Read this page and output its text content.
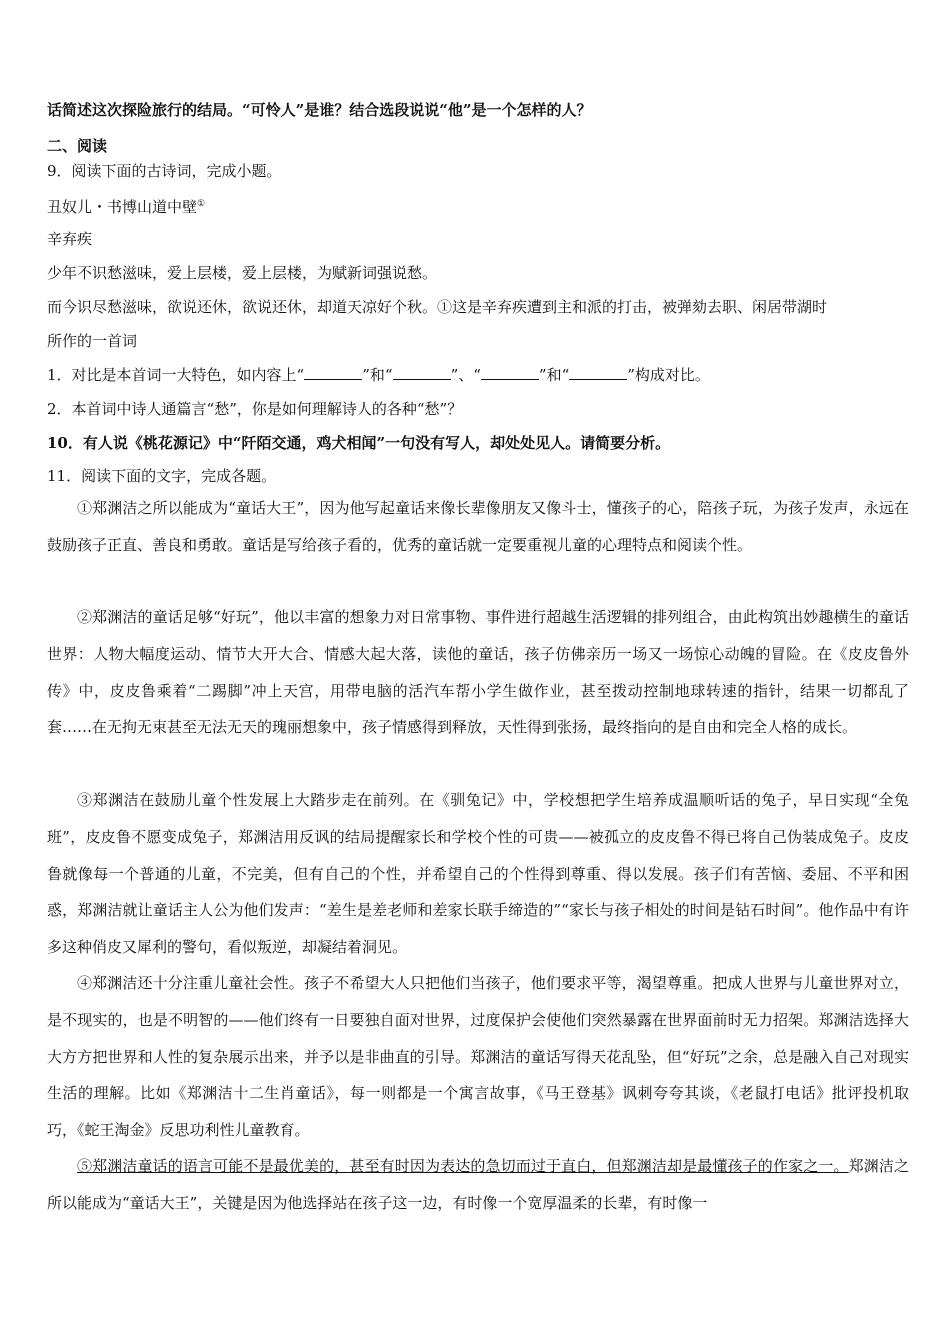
话简述这次探险旅行的结局。“可怜人”是谁？结合选段说说“他”是一个怎样的人？
二、阅读
9．阅读下面的古诗词，完成小题。
丑奴儿・书博山道中壁①
辛弃疾
少年不识愁滋味，爱上层楼，爱上层楼，为赋新词强说愁。
而今识尽愁滋味，欲说还休，欲说还休，却道天凉好个秋。①这是辛弃疾遭到主和派的打击，被弹劾去职、闲居带湖时
所作的一首词
1．对比是本首词一大特色，如内容上“	”和“	”、“	”和“	”构成对比。
2．本首词中诗人通篇言“愁”，你是如何理解诗人的各种“愁”？
10．有人说《桃花源记》中“阡陌交通，鸡犬相闻”一句没有写人，却处处见人。请简要分析。
11．阅读下面的文字，完成各题。
①郑渊洁之所以能成为“童话大王”，因为他写起童话来像长辈像朋友又像斗士，懂孩子的心，陪孩子玩，为孩子发声，永远在鼓励孩子正直、善良和勇敢。童话是写给孩子看的，优秀的童话就一定要重视儿童的心理特点和阅读个性。
②郑渊洁的童话足够“好玩”，他以丰富的想象力对日常事物、事件进行超越生活逻辑的排列组合，由此构筑出妙趣横生的童话世界：人物大幅度运动、情节大开大合、情感大起大落，读他的童话，孩子仿佛亲历一场又一场惊心动魄的冒险。在《皮皮鲁外传》中，皮皮鲁乘着“二踢脚”冲上天宫，用带电脑的活汽车帮小学生做作业，甚至拨动控制地球转速的指针，结果一切都乱了套……在无拘无束甚至无法无天的瑰丽想象中，孩子情感得到释放，天性得到张扬，最终指向的是自由和完全人格的成长。
③郑渊洁在鼓励儿童个性发展上大踏步走在前列。在《驯兔记》中，学校想把学生培养成温顺听话的兔子，早日实现“全兔班”，皮皮鲁不愿变成兔子，郑渊洁用反讽的结局提醒家长和学校个性的可贵——被孤立的皮皮鲁不得已将自己伪装成兔子。皮皮鲁就像每一个普通的儿童，不完美，但有自己的个性，并希望自己的个性得到尊重、得以发展。孩子们有苦恼、委屈、不平和困惑，郑渊洁就让童话主人公为他们发声：“差生是差老师和差家长联手缔造的”“家长与孩子相处的时间是钻石时间”。他作品中有许多这种俏皮又犀利的警句，看似叛逆，却凝结着洞见。
④郑渊洁还十分注重儿童社会性。孩子不希望大人只把他们当孩子，他们要求平等，渴望尊重。把成人世界与儿童世界对立，是不现实的，也是不明智的——他们终有一日要独自面对世界，过度保护会使他们突然暴露在世界面前时无力招架。郑渊洁选择大大方方把世界和人性的复杂展示出来，并予以是非曲直的引导。郑渊洁的童话写得天花乱坠，但“好玩”之余，总是融入自己对现实生活的理解。比如《郑渊洁十二生肖童话》，每一则都是一个寓言故事，《马王登基》讽刺夸夸其谈，《老鼠打电话》批评投机取巧，《蛇王淘金》反思功利性儿童教育。
⑤郑渊洁童话的语言可能不是最优美的，甚至有时因为表达的急切而过于直白，但郑渊洁却是最懂孩子的作家之一。郑渊洁之所以能成为“童话大王”，关键是因为他选择站在孩子这一边，有时像一个宽厚温柔的长辈，有时像一
